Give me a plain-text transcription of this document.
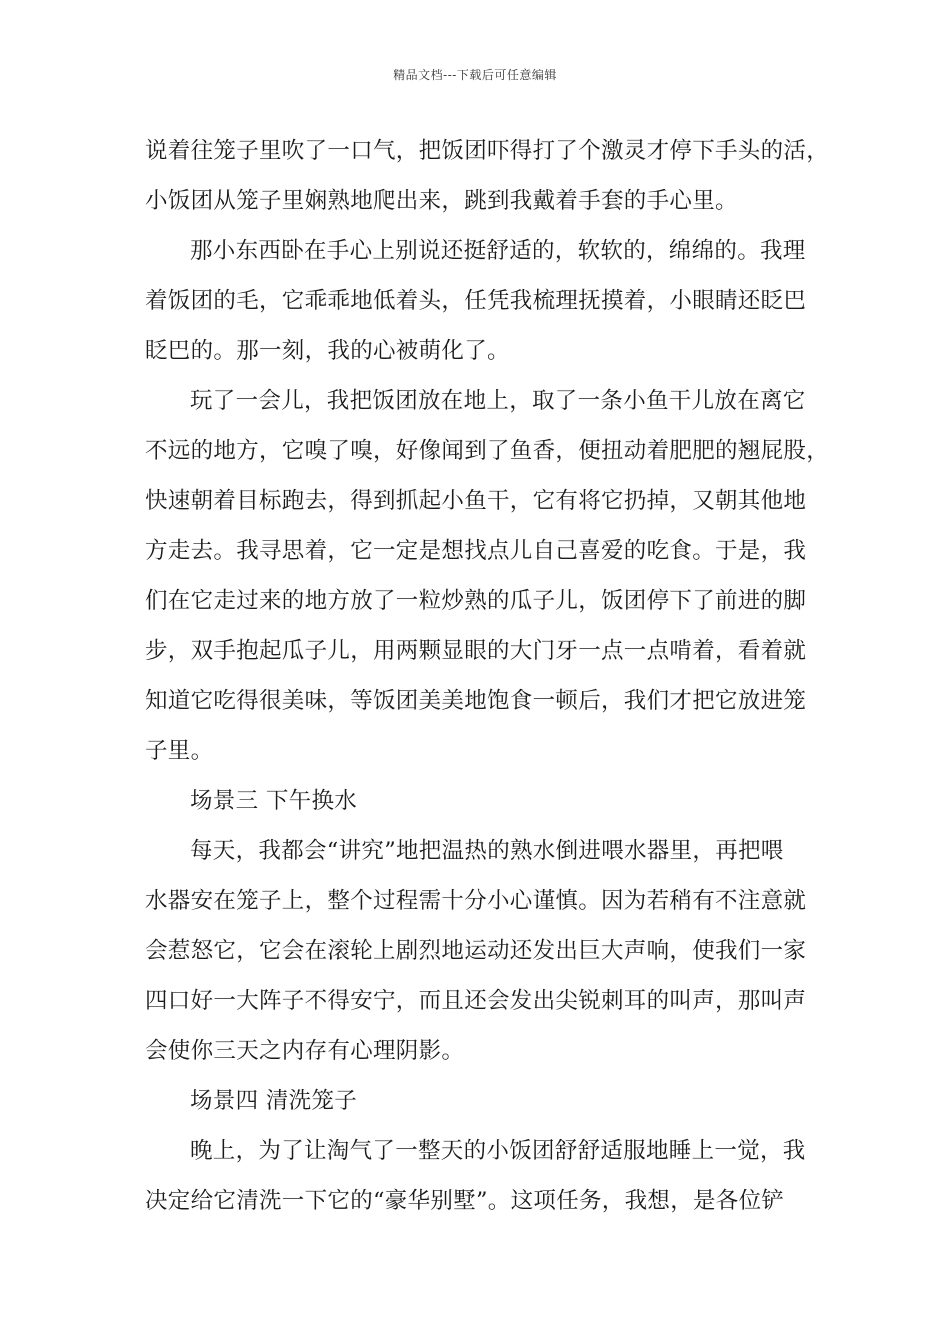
精品文档---下载后可任意编辑
说着往笼子里吹了一口气，把饭团吓得打了个激灵才停下手头的活，
小饭团从笼子里娴熟地爬出来，跳到我戴着手套的手心里。
那小东西卧在手心上别说还挺舒适的，软软的，绵绵的。我理
着饭团的毛，它乖乖地低着头，任凭我梳理抚摸着，小眼睛还眨巴
眨巴的。那一刻，我的心被萌化了。
玩了一会儿，我把饭团放在地上，取了一条小鱼干儿放在离它
不远的地方，它嗅了嗅，好像闻到了鱼香，便扭动着肥肥的翘屁股，
快速朝着目标跑去，得到抓起小鱼干，它有将它扔掉，又朝其他地
方走去。我寻思着，它一定是想找点儿自己喜爱的吃食。于是，我
们在它走过来的地方放了一粒炒熟的瓜子儿，饭团停下了前进的脚
步，双手抱起瓜子儿，用两颗显眼的大门牙一点一点啃着，看着就
知道它吃得很美味，等饭团美美地饱食一顿后，我们才把它放进笼
子里。
场景三 下午换水
每天，我都会“讲究”地把温热的熟水倒进喂水器里，再把喂
水器安在笼子上，整个过程需十分小心谨慎。因为若稍有不注意就
会惹怒它，它会在滚轮上剧烈地运动还发出巨大声响，使我们一家
四口好一大阵子不得安宁，而且还会发出尖锐刺耳的叫声，那叫声
会使你三天之内存有心理阴影。
场景四 清洗笼子
晚上，为了让淘气了一整天的小饭团舒舒适服地睡上一觉，我
决定给它清洗一下它的“豪华别墅”。这项任务，我想，是各位铲
